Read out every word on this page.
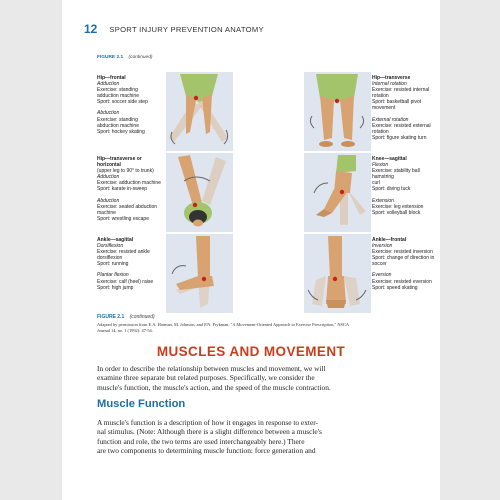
12 SPORT INJURY PREVENTION ANATOMY
FIGURE 2.1 (continued)
Hip—frontal
Adduction
Exercise: standing
adduction machine
Sport: soccer side step
Abduction
Exercise: standing
abduction machine
Sport: hockey skating
Hip—transverse
Internal rotation
Exercise: resisted internal rotation
Sport: basketball pivot movement
External rotation
Exercise: resisted external
rotation
Sport: figure skating turn
Hip—transverse or
horizontal
(upper leg to 90° to trunk)
Adduction
Exercise: adduction machine
Sport: karate in-sweep
Abduction
Exercise: seated abduction
machine
Sport: wrestling escape
Knee—sagittal
Flexion
Exercise: stability ball hamstring
curl
Sport: diving tuck
Extension
Exercise: leg extension
Sport: volleyball block
Ankle—sagittal
Dorsiflexion
Exercise: resisted ankle
dorsiflexion
Sport: running
Plantar flexion
Exercise: calf (heel) raise
Sport: high jump
Ankle—frontal
Inversion
Exercise: resisted inversion
Sport: change of direction in
soccer
Eversion
Exercise: resisted eversion
Sport: speed skating
FIGURE 2.1 (continued)
Adapted by permission from E.A. Harman, M. Johnson, and P.N. Frykman, "A Movement-Oriented Approach to Exercise Prescription," NSCA
Journal 14, no. 1 (1992): 47-54.
MUSCLES AND MOVEMENT
In order to describe the relationship between muscles and movement, we will
examine three separate but related purposes. Specifically, we consider the
muscle's function, the muscle's action, and the speed of the muscle contraction.
Muscle Function
A muscle's function is a description of how it engages in response to exter-
nal stimulus. (Note: Although there is a slight difference between a muscle's
function and role, the two terms are used interchangeably here.) There
are two components to determining muscle function: force generation and
